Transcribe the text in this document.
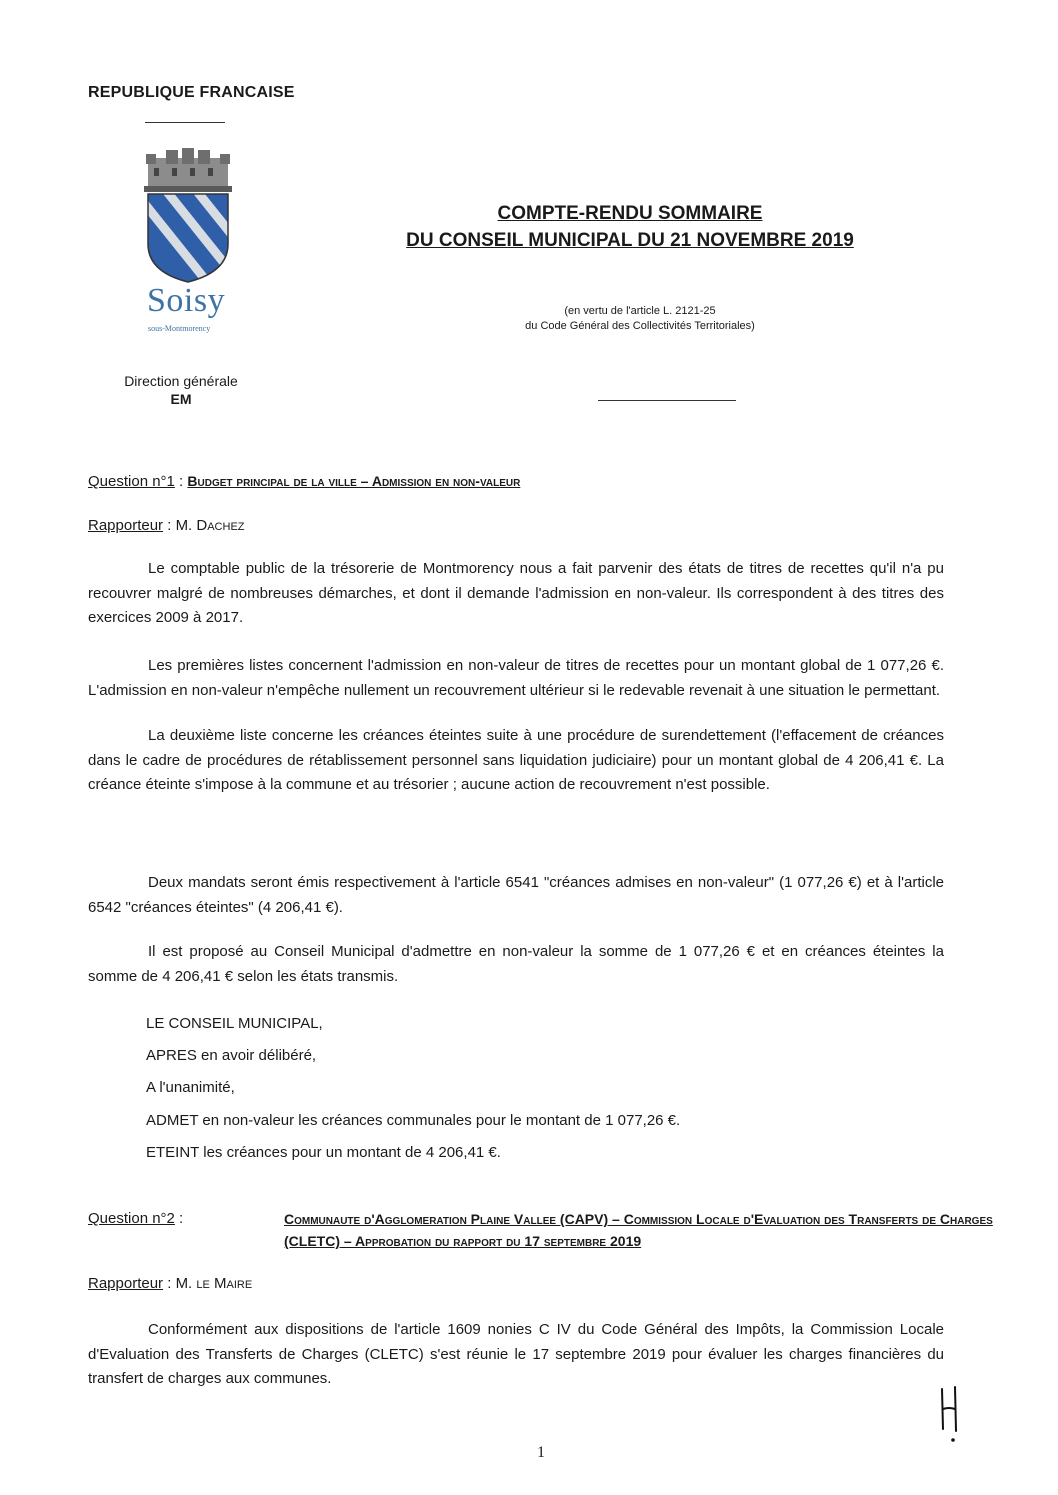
REPUBLIQUE FRANCAISE
Soisy
sous-Montmorency
Direction générale
EM
COMPTE-RENDU SOMMAIRE
DU CONSEIL MUNICIPAL DU 21 NOVEMBRE 2019
(en vertu de l'article L. 2121-25
du Code Général des Collectivités Territoriales)
Question n°1 : Budget principal de la ville – Admission en non-valeur
Rapporteur : M. Dachez

Le comptable public de la trésorerie de Montmorency nous a fait parvenir des états de titres de recettes qu'il n'a pu recouvrer malgré de nombreuses démarches, et dont il demande l'admission en non-valeur. Ils correspondent à des titres des exercices 2009 à 2017.

Les premières listes concernent l'admission en non-valeur de titres de recettes pour un montant global de 1 077,26 €. L'admission en non-valeur n'empêche nullement un recouvrement ultérieur si le redevable revenait à une situation le permettant.

La deuxième liste concerne les créances éteintes suite à une procédure de surendettement (l'effacement de créances dans le cadre de procédures de rétablissement personnel sans liquidation judiciaire) pour un montant global de 4 206,41 €. La créance éteinte s'impose à la commune et au trésorier ; aucune action de recouvrement n'est possible.

Deux mandats seront émis respectivement à l'article 6541 "créances admises en non-valeur" (1 077,26 €) et à l'article 6542 "créances éteintes" (4 206,41 €).

Il est proposé au Conseil Municipal d'admettre en non-valeur la somme de 1 077,26 € et en créances éteintes la somme de 4 206,41 € selon les états transmis.

LE CONSEIL MUNICIPAL,
APRES en avoir délibéré,
A l'unanimité,
ADMET en non-valeur les créances communales pour le montant de 1 077,26 €.
ETEINT les créances pour un montant de 4 206,41 €.
Question n°2 :	Communaute d'Agglomeration Plaine Vallee (CAPV) – Commission Locale d'Evaluation des Transferts de Charges (CLETC) – Approbation du rapport du 17 septembre 2019
Rapporteur : M. le Maire

Conformément aux dispositions de l'article 1609 nonies C IV du Code Général des Impôts, la Commission Locale d'Evaluation des Transferts de Charges (CLETC) s'est réunie le 17 septembre 2019 pour évaluer les charges financières du transfert de charges aux communes.

1
